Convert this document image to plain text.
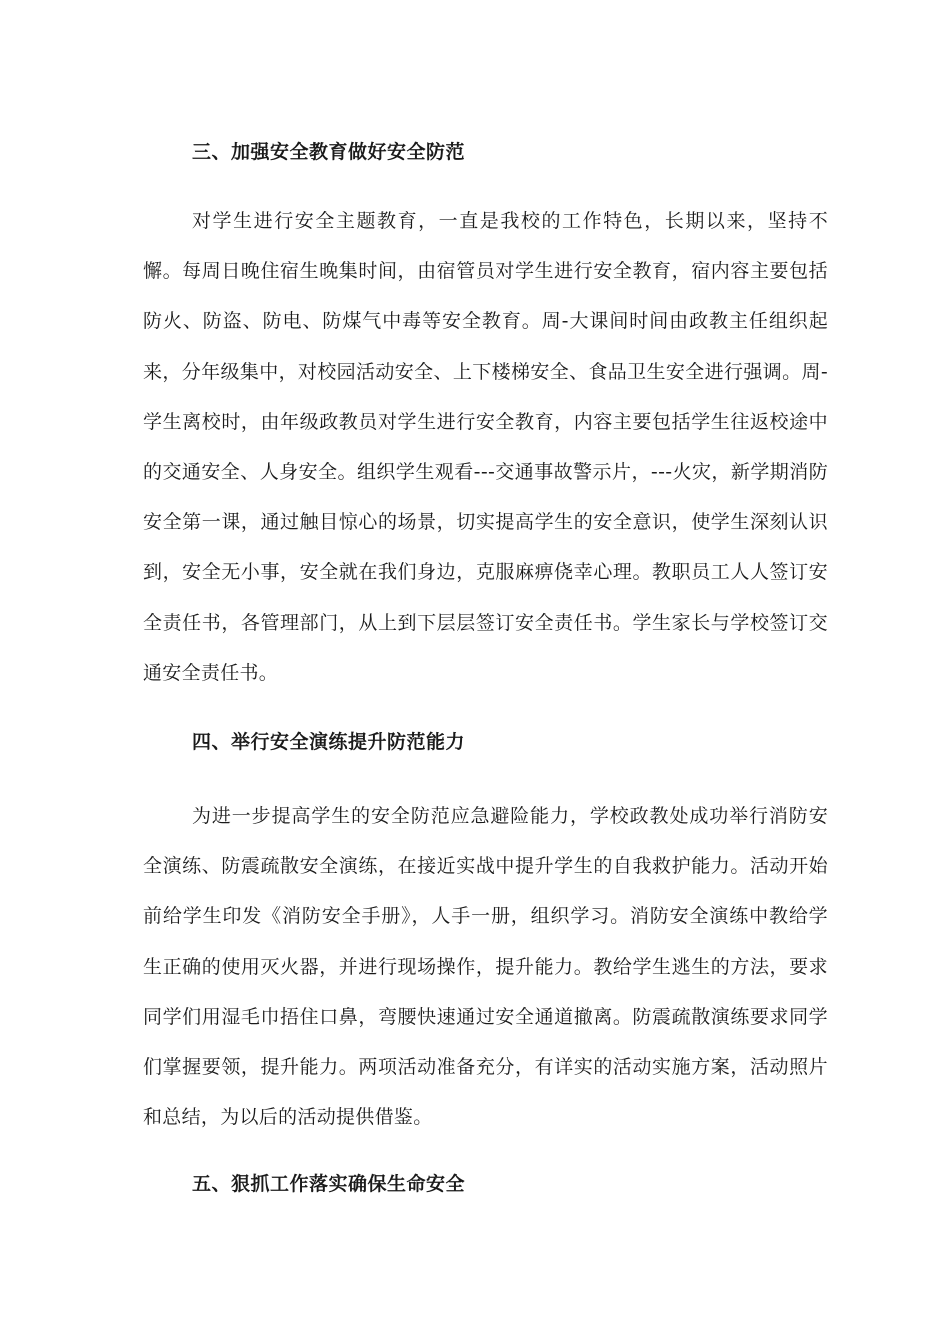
三、加强安全教育做好安全防范

对学生进行安全主题教育，一直是我校的工作特色，长期以来，坚持不懈。每周日晚住宿生晚集时间，由宿管员对学生进行安全教育，宿内容主要包括防火、防盗、防电、防煤气中毒等安全教育。周-大课间时间由政教主任组织起来，分年级集中，对校园活动安全、上下楼梯安全、食品卫生安全进行强调。周-学生离校时，由年级政教员对学生进行安全教育，内容主要包括学生往返校途中的交通安全、人身安全。组织学生观看---交通事故警示片，---火灾，新学期消防安全第一课，通过触目惊心的场景，切实提高学生的安全意识，使学生深刻认识到，安全无小事，安全就在我们身边，克服麻痹侥幸心理。教职员工人人签订安全责任书，各管理部门，从上到下层层签订安全责任书。学生家长与学校签订交通安全责任书。

四、举行安全演练提升防范能力

为进一步提高学生的安全防范应急避险能力，学校政教处成功举行消防安全演练、防震疏散安全演练，在接近实战中提升学生的自我救护能力。活动开始前给学生印发《消防安全手册》，人手一册，组织学习。消防安全演练中教给学生正确的使用灭火器，并进行现场操作，提升能力。教给学生逃生的方法，要求同学们用湿毛巾捂住口鼻，弯腰快速通过安全通道撤离。防震疏散演练要求同学们掌握要领，提升能力。两项活动准备充分，有详实的活动实施方案，活动照片和总结，为以后的活动提供借鉴。

五、狠抓工作落实确保生命安全
